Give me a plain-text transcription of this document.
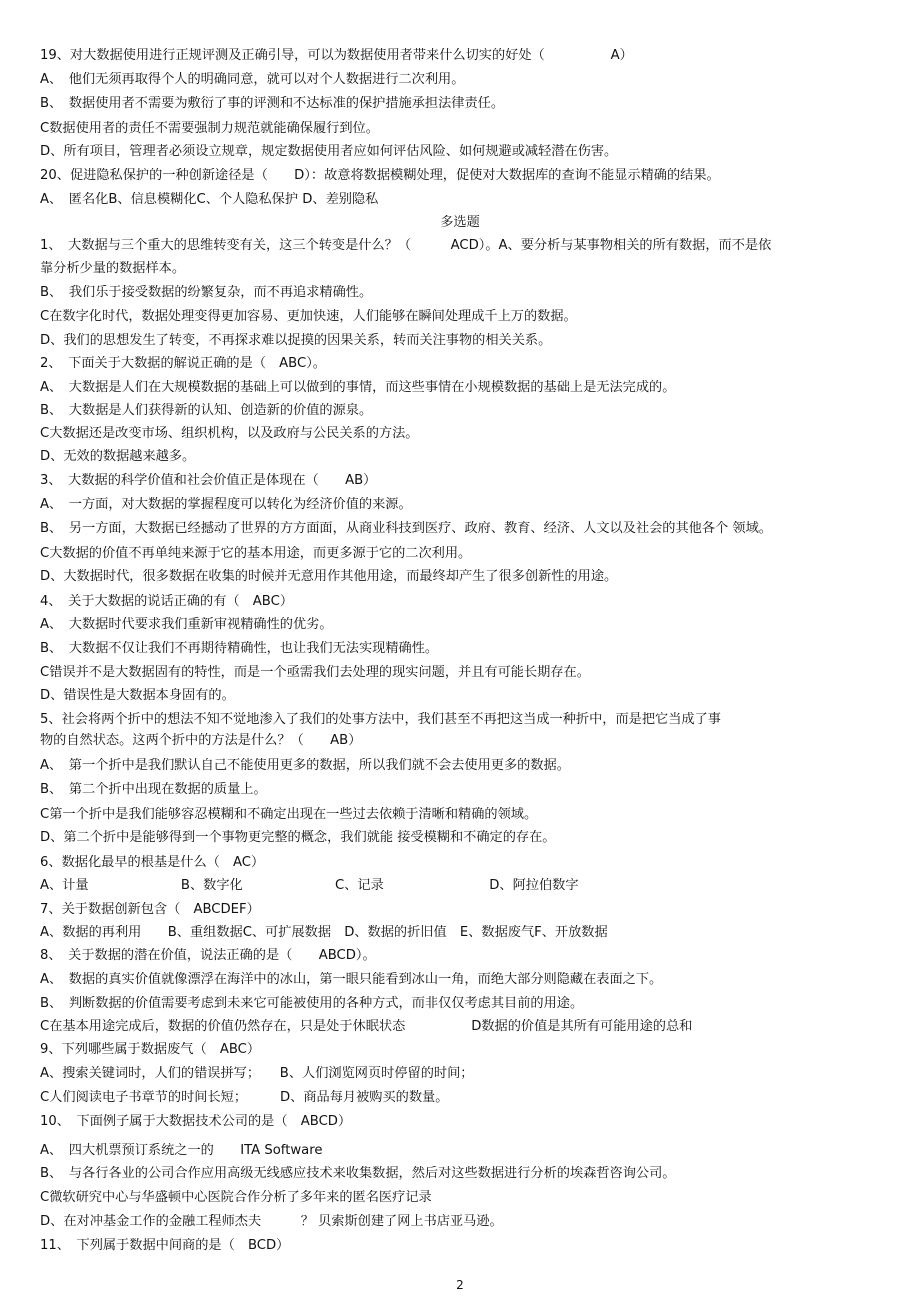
19、对大数据使用进行正规评测及正确引导，可以为数据使用者带来什么切实的好处（　　　　　A）
A、　他们无须再取得个人的明确同意，就可以对个人数据进行二次利用。
B、　数据使用者不需要为敷衍了事的评测和不达标准的保护措施承担法律责任。
C数据使用者的责任不需要强制力规范就能确保履行到位。
D、所有项目，管理者必须设立规章，规定数据使用者应如何评估风险、如何规避或减轻潜在伤害。
20、促进隐私保护的一种创新途径是（　　D）：故意将数据模糊处理，促使对大数据库的查询不能显示精确的结果。
A、　匿名化B、信息模糊化C、个人隐私保护 D、差别隐私
多选题
1、　大数据与三个重大的思维转变有关，这三个转变是什么？（　　　ACD）。A、要分析与某事物相关的所有数据，而不是依
靠分析少量的数据样本。
B、　我们乐于接受数据的纷繁复杂，而不再追求精确性。
C在数字化时代，数据处理变得更加容易、更加快速，人们能够在瞬间处理成千上万的数据。
D、我们的思想发生了转变，不再探求难以捉摸的因果关系，转而关注事物的相关关系。
2、　下面关于大数据的解说正确的是（　ABC）。
A、　大数据是人们在大规模数据的基础上可以做到的事情，而这些事情在小规模数据的基础上是无法完成的。
B、　大数据是人们获得新的认知、创造新的价值的源泉。
C大数据还是改变市场、组织机构，以及政府与公民关系的方法。
D、无效的数据越来越多。
3、　大数据的科学价值和社会价值正是体现在（　　AB）
A、　一方面，对大数据的掌握程度可以转化为经济价值的来源。
B、　另一方面，大数据已经撼动了世界的方方面面，从商业科技到医疗、政府、教育、经济、人文以及社会的其他各个 领域。
C大数据的价值不再单纯来源于它的基本用途，而更多源于它的二次利用。
D、大数据时代，很多数据在收集的时候并无意用作其他用途，而最终却产生了很多创新性的用途。
4、　关于大数据的说话正确的有（　ABC）
A、　大数据时代要求我们重新审视精确性的优劣。
B、　大数据不仅让我们不再期待精确性，也让我们无法实现精确性。
C错误并不是大数据固有的特性，而是一个亟需我们去处理的现实问题，并且有可能长期存在。
D、错误性是大数据本身固有的。
5、社会将两个折中的想法不知不觉地渗入了我们的处事方法中，我们甚至不再把这当成一种折中，而是把它当成了事
物的自然状态。这两个折中的方法是什么？（　　AB）
A、　第一个折中是我们默认自己不能使用更多的数据，所以我们就不会去使用更多的数据。
B、　第二个折中出现在数据的质量上。
C第一个折中是我们能够容忍模糊和不确定出现在一些过去依赖于清晰和精确的领域。
D、第二个折中是能够得到一个事物更完整的概念，我们就能 接受模糊和不确定的存在。
6、数据化最早的根基是什么（　AC）
A、计量　　　　　　　B、数字化　　　　　　　C、记录　　　　　　　　D、阿拉伯数字
7、关于数据创新包含（　ABCDEF）
A、数据的再利用　　B、重组数据C、可扩展数据　D、数据的折旧值　E、数据废气F、开放数据
8、　关于数据的潜在价值，说法正确的是（　　ABCD）。
A、　数据的真实价值就像漂浮在海洋中的冰山，第一眼只能看到冰山一角，而绝大部分则隐藏在表面之下。
B、　判断数据的价值需要考虑到未来它可能被使用的各种方式，而非仅仅考虑其目前的用途。
C在基本用途完成后，数据的价值仍然存在，只是处于休眠状态　　　　　D数据的价值是其所有可能用途的总和
9、下列哪些属于数据废气（　ABC）
A、搜索关键词时，人们的错误拼写；　　B、人们浏览网页时停留的时间；
C人们阅读电子书章节的时间长短；　　　D、商品每月被购买的数量。
10、　下面例子属于大数据技术公司的是（　ABCD）
A、　四大机票预订系统之一的　　ITA Software
B、　与各行各业的公司合作应用高级无线感应技术来收集数据，然后对这些数据进行分析的埃森哲咨询公司。
C微软研究中心与华盛顿中心医院合作分析了多年来的匿名医疗记录
D、在对冲基金工作的金融工程师杰夫　　　？ 贝索斯创建了网上书店亚马逊。
11、　下列属于数据中间商的是（　BCD）
2
